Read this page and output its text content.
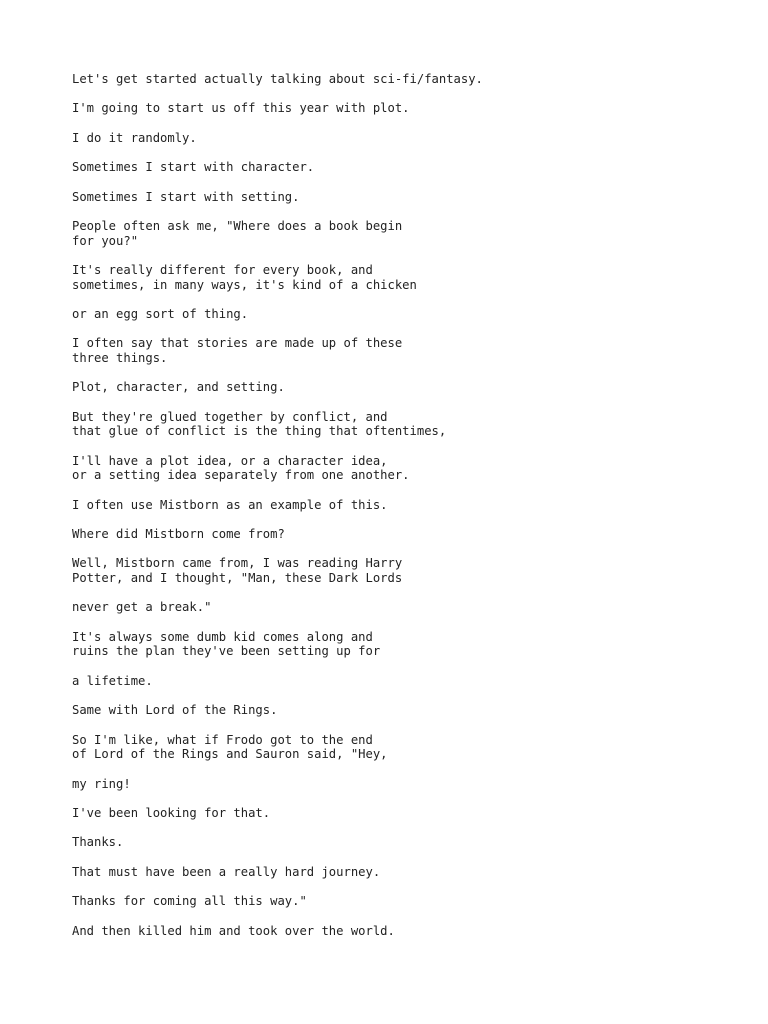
Let's get started actually talking about sci-fi/fantasy.

I'm going to start us off this year with plot.

I do it randomly.

Sometimes I start with character.

Sometimes I start with setting.

People often ask me, "Where does a book begin
for you?"

It's really different for every book, and
sometimes, in many ways, it's kind of a chicken

or an egg sort of thing.

I often say that stories are made up of these
three things.

Plot, character, and setting.

But they're glued together by conflict, and
that glue of conflict is the thing that oftentimes,

I'll have a plot idea, or a character idea,
or a setting idea separately from one another.

I often use Mistborn as an example of this.

Where did Mistborn come from?

Well, Mistborn came from, I was reading Harry
Potter, and I thought, "Man, these Dark Lords

never get a break."

It's always some dumb kid comes along and
ruins the plan they've been setting up for

a lifetime.

Same with Lord of the Rings.

So I'm like, what if Frodo got to the end
of Lord of the Rings and Sauron said, "Hey,

my ring!

I've been looking for that.

Thanks.

That must have been a really hard journey.

Thanks for coming all this way."

And then killed him and took over the world.
